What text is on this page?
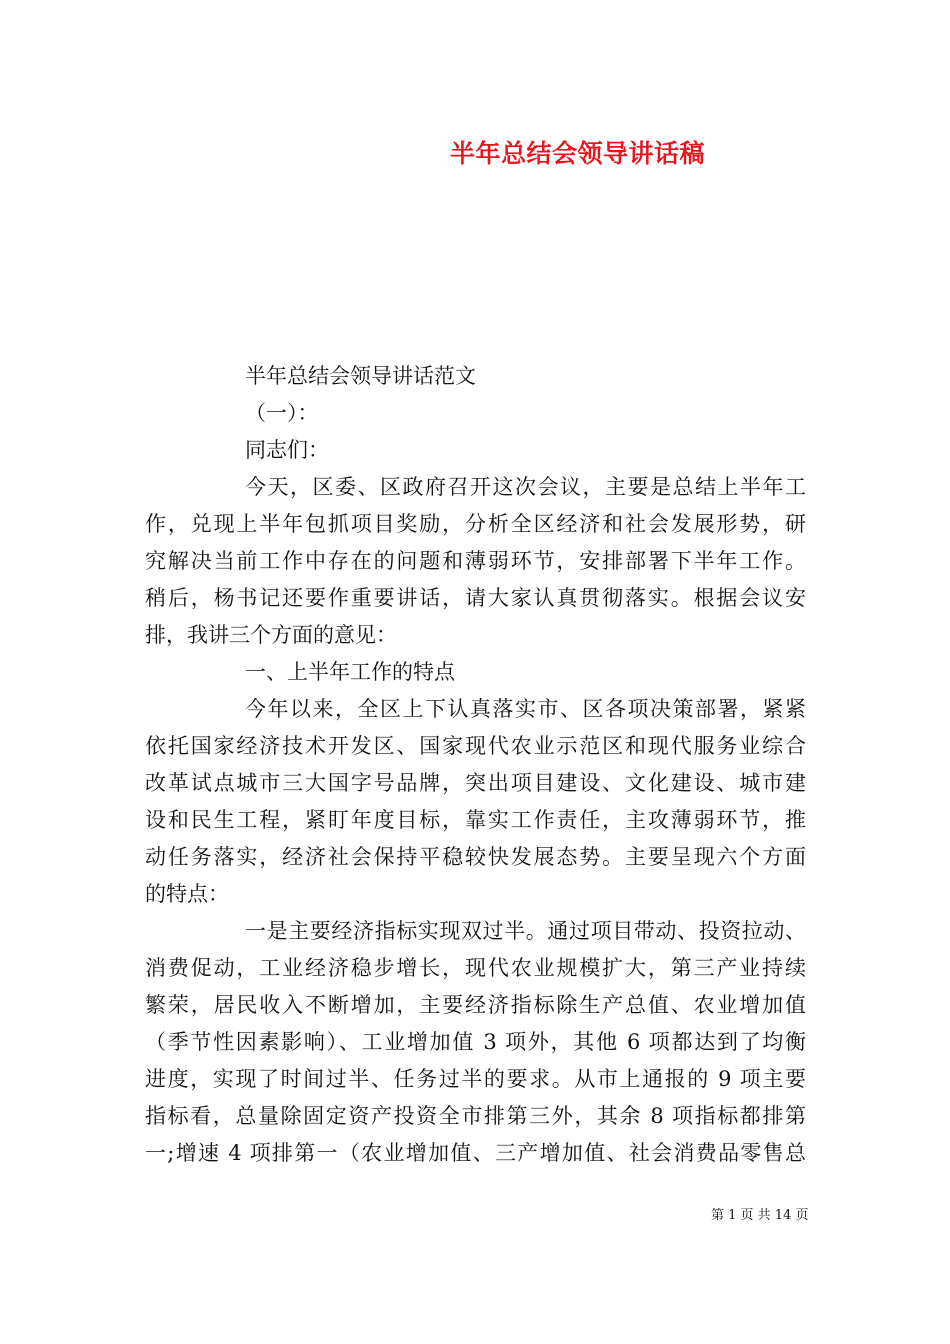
半年总结会领导讲话稿
半年总结会领导讲话范文
（一）：
同志们：
今天，区委、区政府召开这次会议，主要是总结上半年工
作，兑现上半年包抓项目奖励，分析全区经济和社会发展形势，研
究解决当前工作中存在的问题和薄弱环节，安排部署下半年工作。
稍后，杨书记还要作重要讲话，请大家认真贯彻落实。根据会议安
排，我讲三个方面的意见：
一、上半年工作的特点
今年以来，全区上下认真落实市、区各项决策部署，紧紧
依托国家经济技术开发区、国家现代农业示范区和现代服务业综合
改革试点城市三大国字号品牌，突出项目建设、文化建设、城市建
设和民生工程，紧盯年度目标，靠实工作责任，主攻薄弱环节，推
动任务落实，经济社会保持平稳较快发展态势。主要呈现六个方面
的特点：
一是主要经济指标实现双过半。通过项目带动、投资拉动、
消费促动，工业经济稳步增长，现代农业规模扩大，第三产业持续
繁荣，居民收入不断增加，主要经济指标除生产总值、农业增加值
（季节性因素影响）、工业增加值 3 项外，其他 6 项都达到了均衡
进度，实现了时间过半、任务过半的要求。从市上通报的 9 项主要
指标看，总量除固定资产投资全市排第三外，其余 8 项指标都排第
一;增速 4 项排第一（农业增加值、三产增加值、社会消费品零售总
第 1 页 共 14 页
